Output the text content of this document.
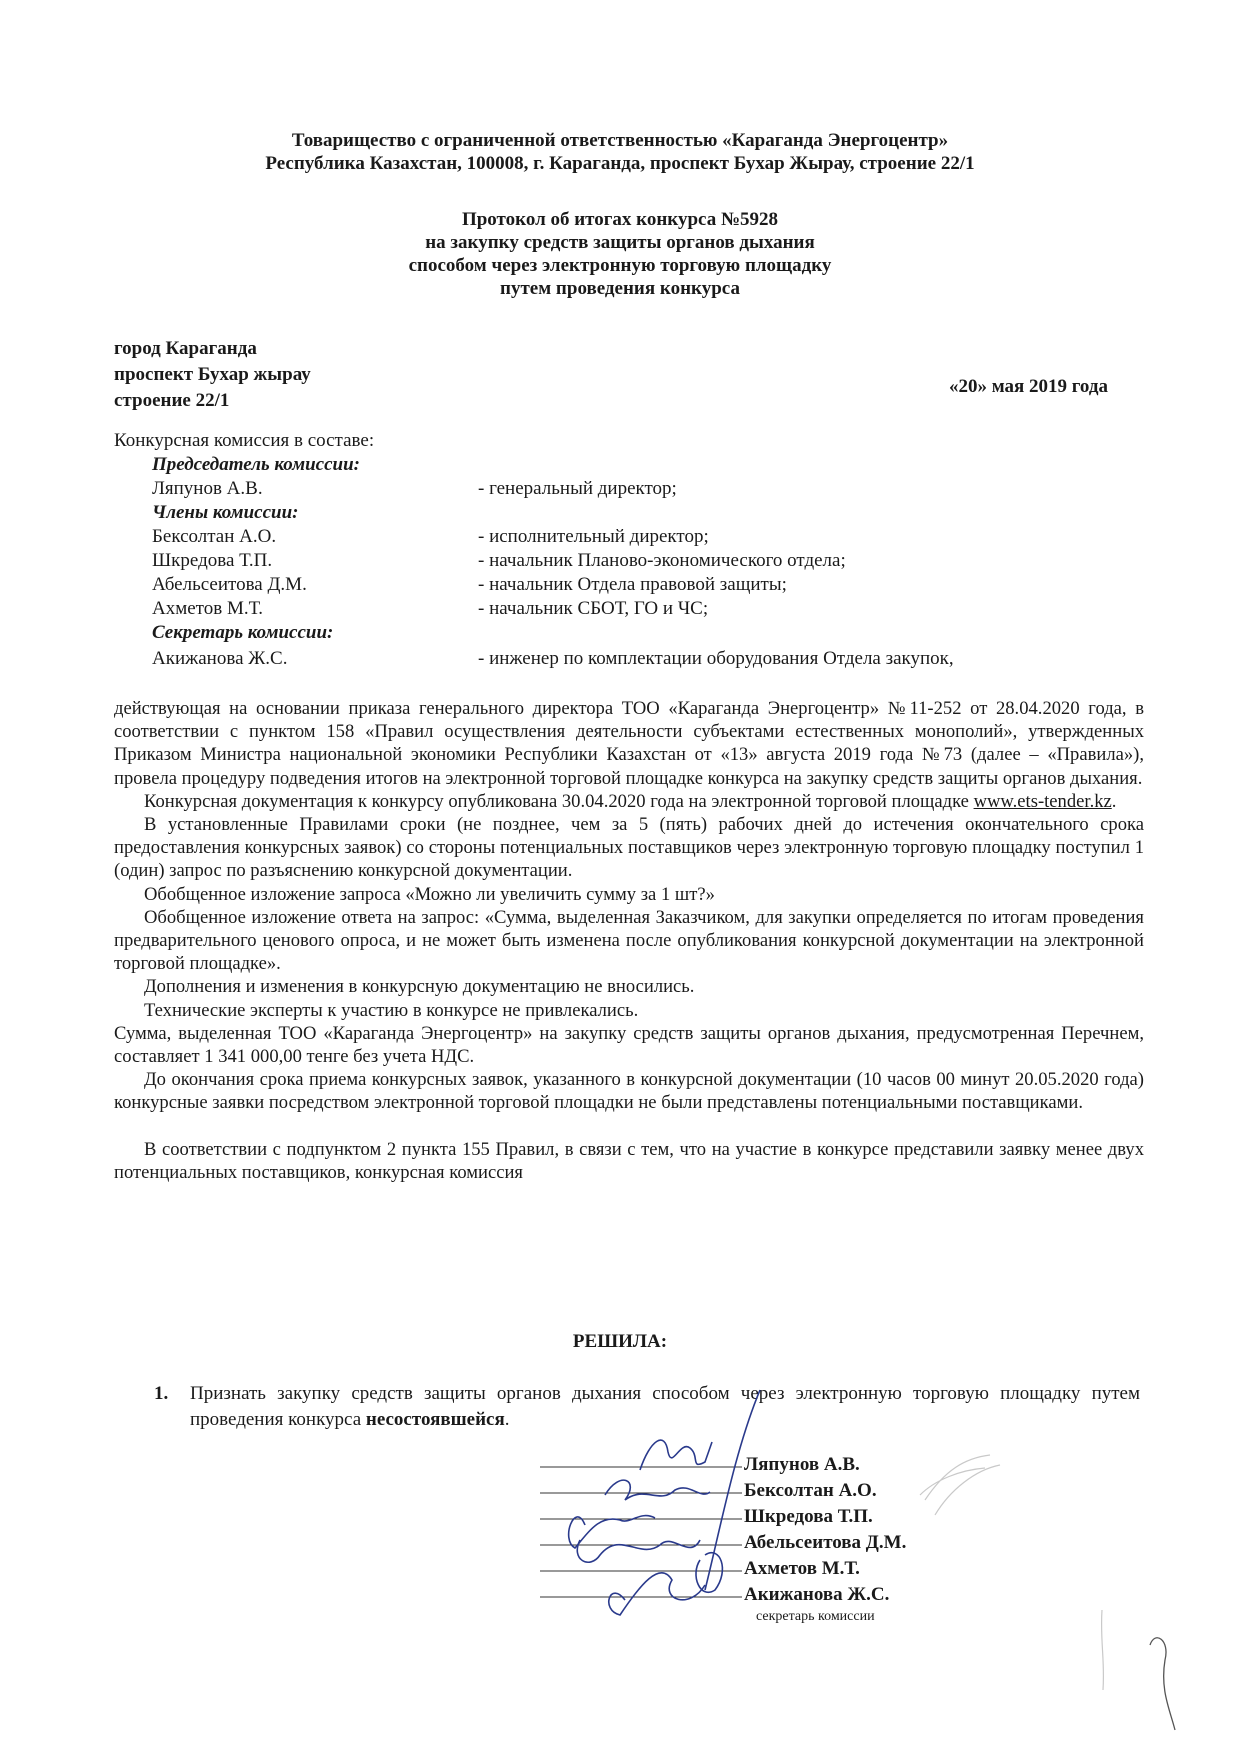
Товарищество с ограниченной ответственностью «Караганда Энергоцентр»
Республика Казахстан, 100008, г. Караганда, проспект Бухар Жырау, строение 22/1
Протокол об итогах конкурса №5928
на закупку средств защиты органов дыхания
способом через электронную торговую площадку
путем проведения конкурса
город Караганда
проспект Бухар жырау
строение 22/1
«20» мая 2019 года
Конкурсная комиссия в составе:
Председатель комиссии:
Ляпунов А.В.	- генеральный директор;
Члены комиссии:
Бексолтан А.О.	- исполнительный директор;
Шкредова Т.П.	- начальник Планово-экономического отдела;
Абельсеитова Д.М.	- начальник Отдела правовой защиты;
Ахметов М.Т.	- начальник СБОТ, ГО и ЧС;
Секретарь комиссии:
Акижанова Ж.С.	- инженер по комплектации оборудования Отдела закупок,

действующая на основании приказа генерального директора ТОО «Караганда Энергоцентр» №11-252 от 28.04.2020 года, в соответствии с пунктом 158 «Правил осуществления деятельности субъектами естественных монополий», утвержденных Приказом Министра национальной экономики Республики Казахстан от «13» августа 2019 года №73 (далее – «Правила»), провела процедуру подведения итогов на электронной торговой площадке конкурса на закупку средств защиты органов дыхания.

Конкурсная документация к конкурсу опубликована 30.04.2020 года на электронной торговой площадке www.ets-tender.kz.

В установленные Правилами сроки (не позднее, чем за 5 (пять) рабочих дней до истечения окончательного срока предоставления конкурсных заявок) со стороны потенциальных поставщиков через электронную торговую площадку поступил 1 (один) запрос по разъяснению конкурсной документации.

Обобщенное изложение запроса «Можно ли увеличить сумму за 1 шт?»

Обобщенное изложение ответа на запрос: «Сумма, выделенная Заказчиком, для закупки определяется по итогам проведения предварительного ценового опроса, и не может быть изменена после опубликования конкурсной документации на электронной торговой площадке».

Дополнения и изменения в конкурсную документацию не вносились.

Технические эксперты к участию в конкурсе не привлекались.

Сумма, выделенная ТОО «Караганда Энергоцентр» на закупку средств защиты органов дыхания, предусмотренная Перечнем, составляет 1 341 000,00 тенге без учета НДС.

До окончания срока приема конкурсных заявок, указанного в конкурсной документации (10 часов 00 минут 20.05.2020 года) конкурсные заявки посредством электронной торговой площадки не были представлены потенциальными поставщиками.

В соответствии с подпунктом 2 пункта 155 Правил, в связи с тем, что на участие в конкурсе представили заявку менее двух потенциальных поставщиков, конкурсная комиссия

РЕШИЛА:
1. Признать закупку средств защиты органов дыхания способом через электронную торговую площадку путем проведения конкурса несостоявшейся.
Ляпунов А.В.
Бексолтан А.О.
Шкредова Т.П.
Абельсеитова Д.М.
Ахметов М.Т.
Акижанова Ж.С.
секретарь комиссии
